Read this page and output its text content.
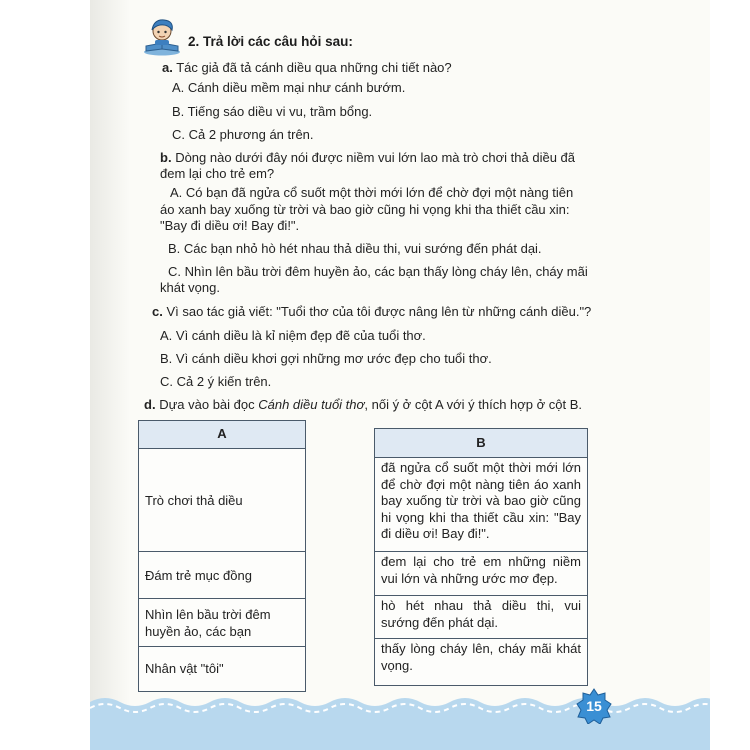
2. Trả lời các câu hỏi sau:
a. Tác giả đã tả cánh diều qua những chi tiết nào?
A. Cánh diều mềm mại như cánh bướm.
B. Tiếng sáo diều vi vu, trầm bổng.
C. Cả 2 phương án trên.
b. Dòng nào dưới đây nói được niềm vui lớn lao mà trò chơi thả diều đã
đem lại cho trẻ em?
A. Có bạn đã ngửa cổ suốt một thời mới lớn để chờ đợi một nàng tiên
áo xanh bay xuống từ trời và bao giờ cũng hi vọng khi tha thiết cầu xin:
"Bay đi diều ơi! Bay đi!".
B. Các bạn nhỏ hò hét nhau thả diều thi, vui sướng đến phát dại.
C. Nhìn lên bầu trời đêm huyền ảo, các bạn thấy lòng cháy lên, cháy mãi
khát vọng.
c. Vì sao tác giả viết: "Tuổi thơ của tôi được nâng lên từ những cánh diều."?
A. Vì cánh diều là kỉ niệm đẹp đẽ của tuổi thơ.
B. Vì cánh diều khơi gợi những mơ ước đẹp cho tuổi thơ.
C. Cả 2 ý kiến trên.
d. Dựa vào bài đọc Cánh diều tuổi thơ, nối ý ở cột A với ý thích hợp ở cột B.
A
Trò chơi thả diều
Đám trẻ mục đồng
Nhìn lên bầu trời đêm huyền ảo, các bạn
Nhân vật "tôi"
B
đã ngửa cổ suốt một thời mới lớn để chờ đợi một nàng tiên áo xanh bay xuống từ trời và bao giờ cũng hi vọng khi tha thiết cầu xin: "Bay đi diều ơi! Bay đi!".
đem lại cho trẻ em những niềm vui lớn và những ước mơ đẹp.
hò hét nhau thả diều thi, vui sướng đến phát dại.
thấy lòng cháy lên, cháy mãi khát vọng.
15
